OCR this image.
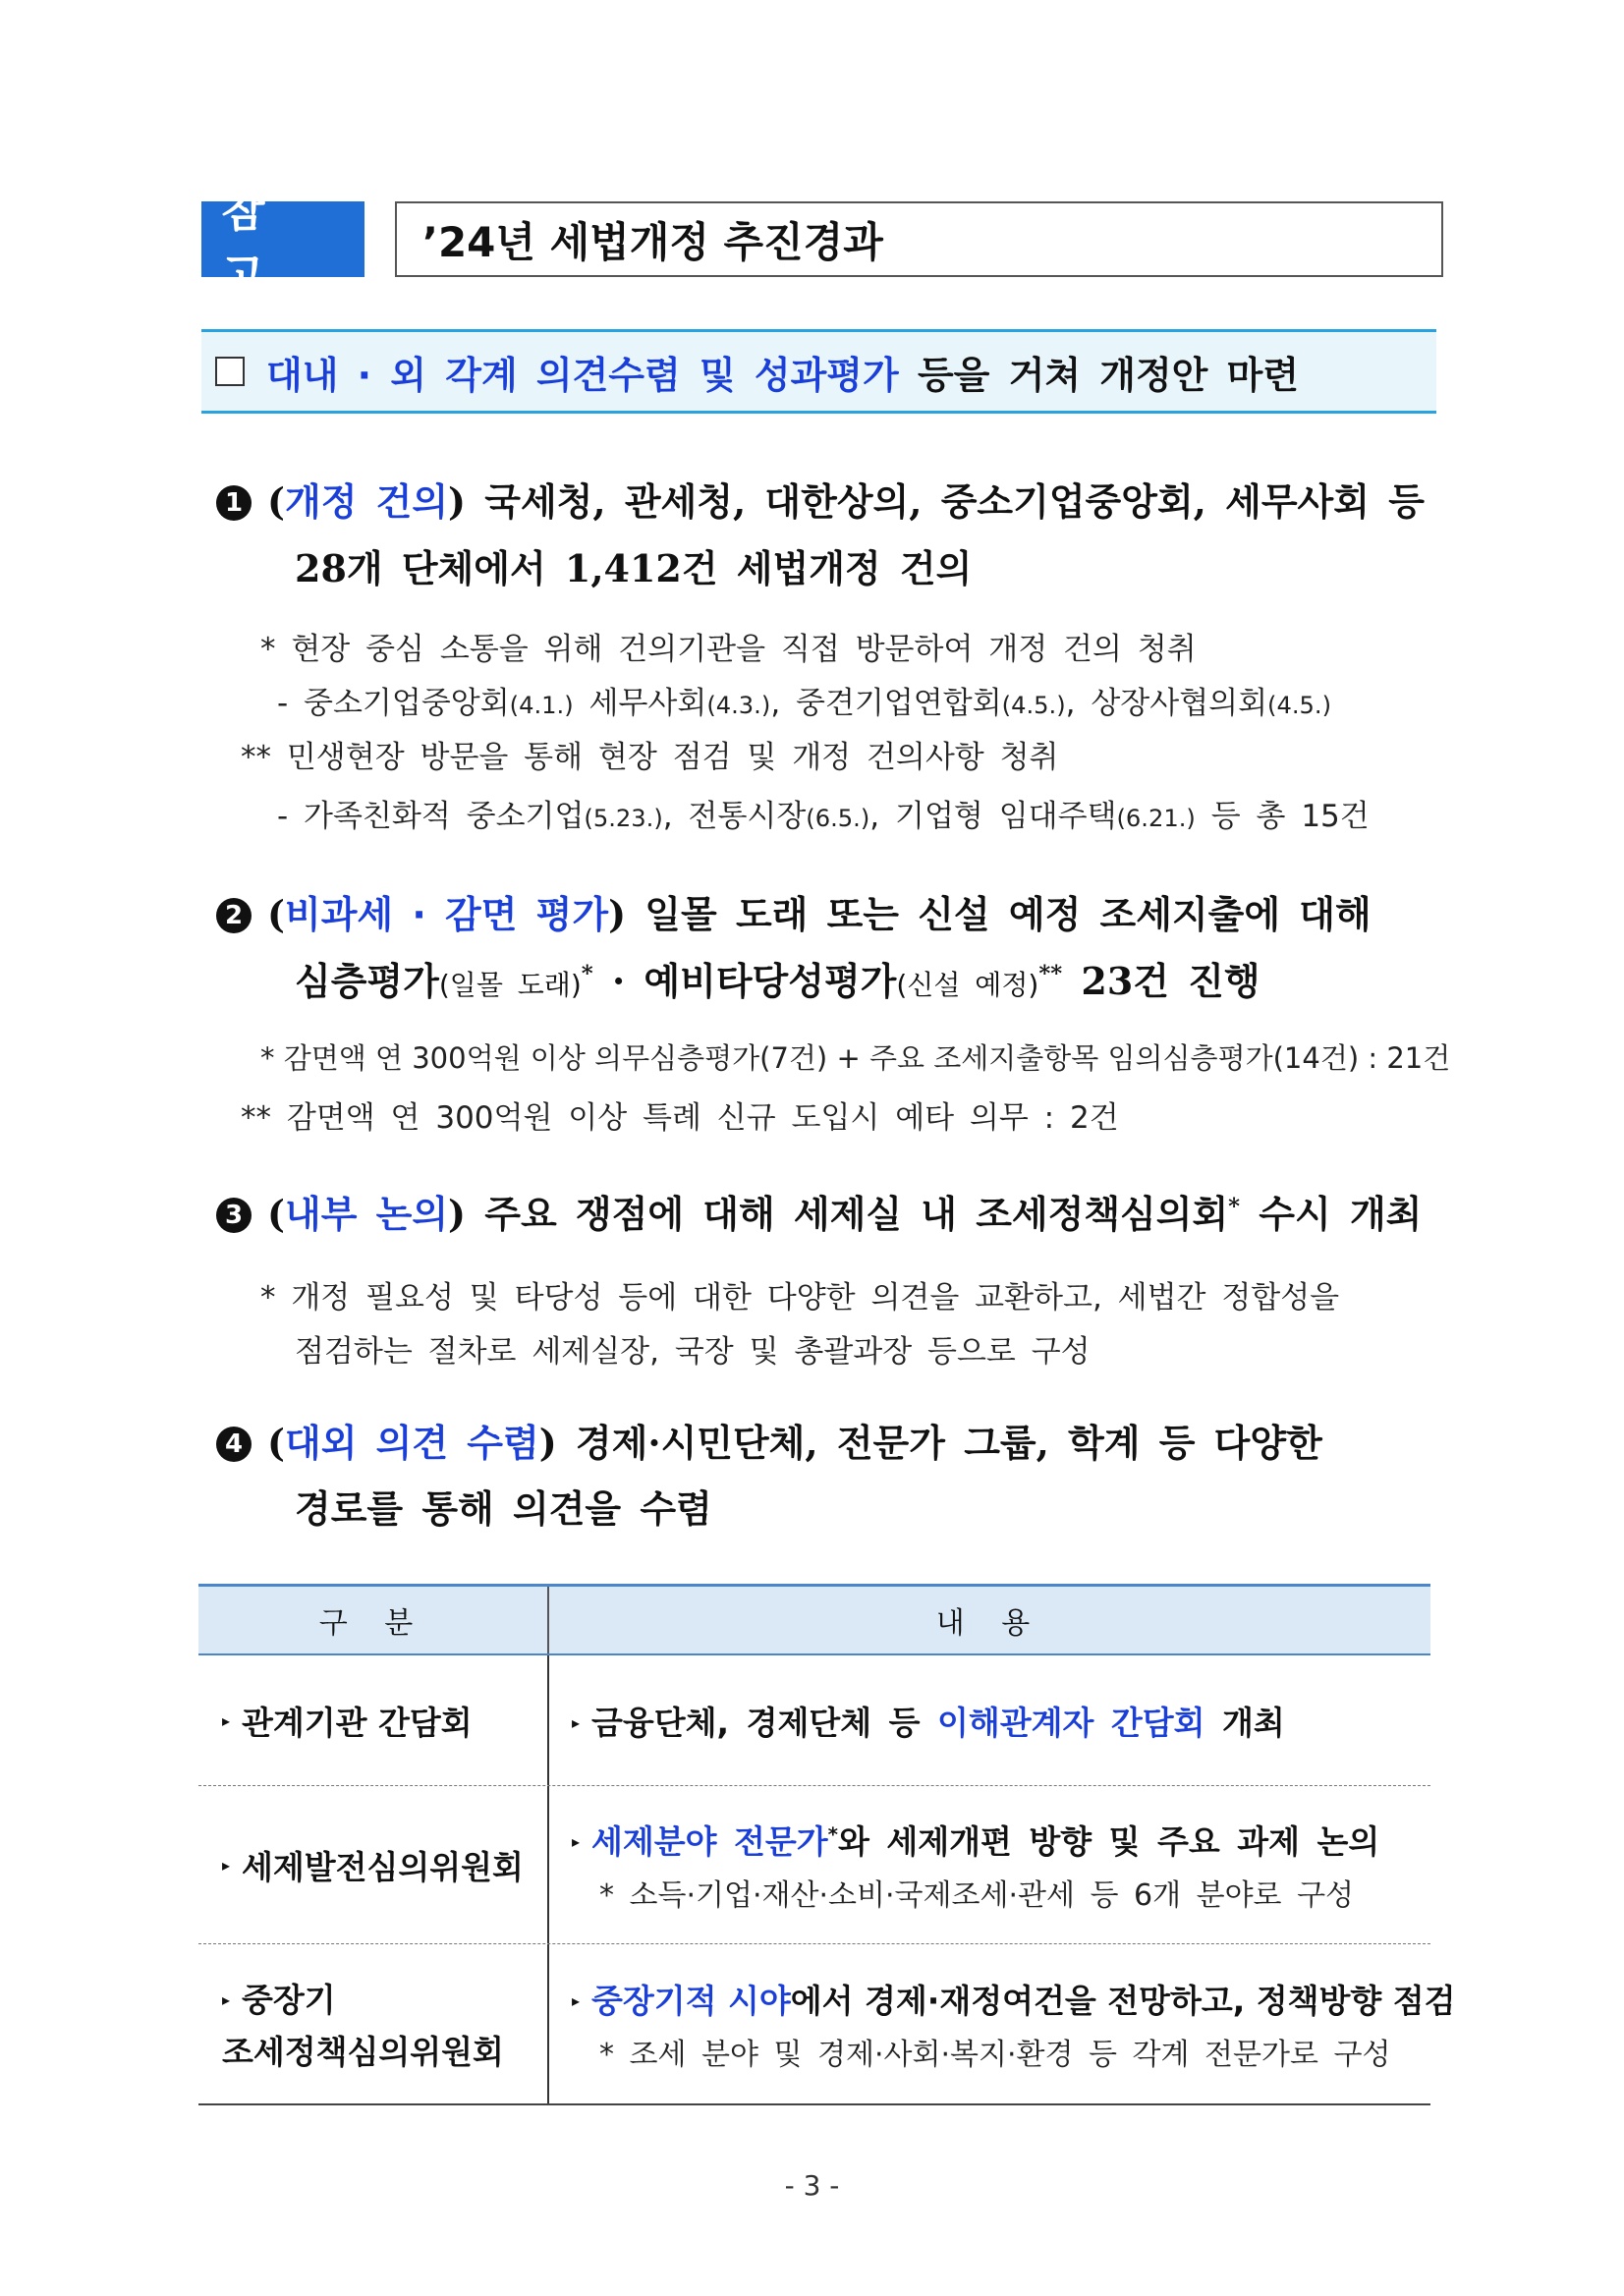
참 고
’24년 세법개정 추진경과
대내 · 외 각계 의견수렴 및 성과평가 등을 거쳐 개정안 마련
1 (개정 건의) 국세청, 관세청, 대한상의, 중소기업중앙회, 세무사회 등
28개 단체에서 1,412건 세법개정 건의
* 현장 중심 소통을 위해 건의기관을 직접 방문하여 개정 건의 청취
- 중소기업중앙회(4.1.) 세무사회(4.3.), 중견기업연합회(4.5.), 상장사협의회(4.5.)
** 민생현장 방문을 통해 현장 점검 및 개정 건의사항 청취
- 가족친화적 중소기업(5.23.), 전통시장(6.5.), 기업형 임대주택(6.21.) 등 총 15건
2 (비과세 · 감면 평가) 일몰 도래 또는 신설 예정 조세지출에 대해
심층평가(일몰 도래)* · 예비타당성평가(신설 예정)** 23건 진행
* 감면액 연 300억원 이상 의무심층평가(7건) + 주요 조세지출항목 임의심층평가(14건) : 21건
** 감면액 연 300억원 이상 특례 신규 도입시 예타 의무 : 2건
3 (내부 논의) 주요 쟁점에 대해 세제실 내 조세정책심의회* 수시 개최
* 개정 필요성 및 타당성 등에 대한 다양한 의견을 교환하고, 세법간 정합성을
점검하는 절차로 세제실장, 국장 및 총괄과장 등으로 구성
4 (대외 의견 수렴) 경제·시민단체, 전문가 그룹, 학계 등 다양한
경로를 통해 의견을 수렴
구 분	내 용
▸ 관계기관 간담회	▸ 금융단체, 경제단체 등 이해관계자 간담회 개최
▸ 세제발전심의위원회
▸ 세제분야 전문가*와 세제개편 방향 및 주요 과제 논의
* 소득·기업·재산·소비·국제조세·관세 등 6개 분야로 구성
▸ 중장기
조세정책심의위원회
▸ 중장기적 시야에서 경제·재정여건을 전망하고, 정책방향 점검
* 조세 분야 및 경제·사회·복지·환경 등 각계 전문가로 구성
- 3 -
